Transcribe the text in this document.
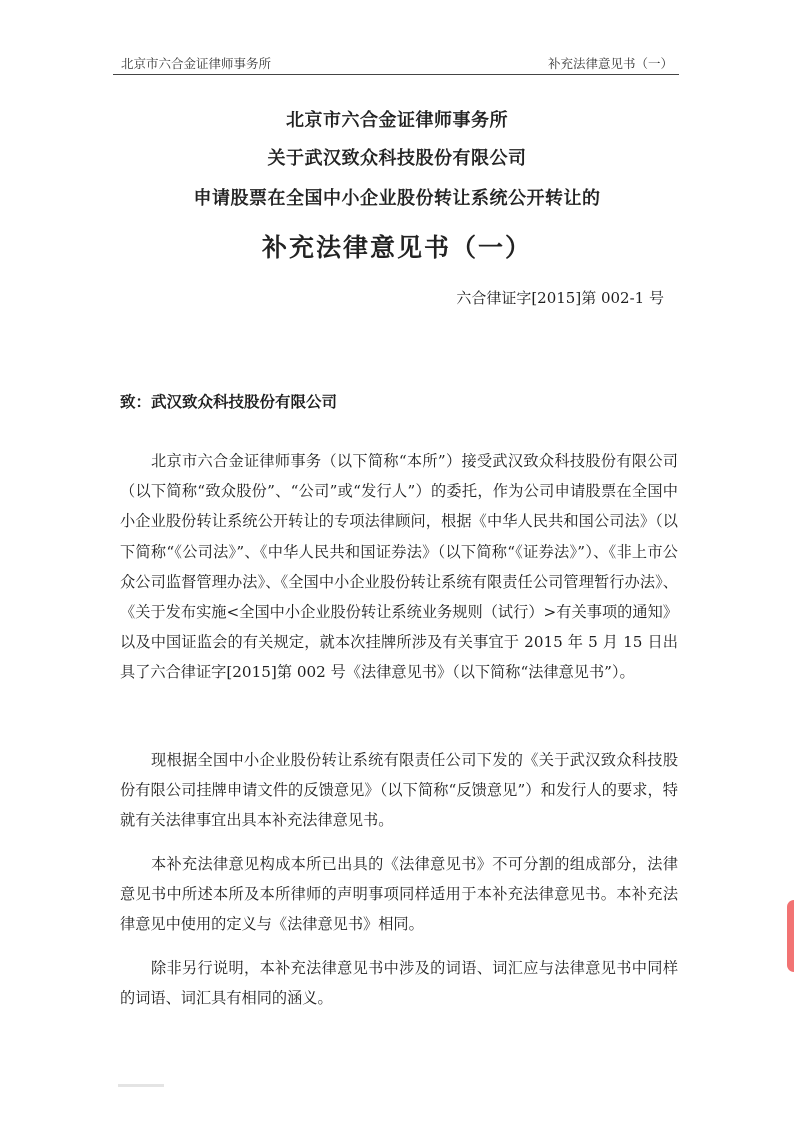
北京市六合金证律师事务所	补充法律意见书（一）
北京市六合金证律师事务所
关于武汉致众科技股份有限公司
申请股票在全国中小企业股份转让系统公开转让的
补充法律意见书（一）
六合律证字[2015]第 002-1 号
致：武汉致众科技股份有限公司

北京市六合金证律师事务（以下简称“本所”）接受武汉致众科技股份有限公司（以下简称“致众股份”、“公司”或“发行人”）的委托，作为公司申请股票在全国中小企业股份转让系统公开转让的专项法律顾问，根据《中华人民共和国公司法》（以下简称“《公司法》”、《中华人民共和国证券法》（以下简称“《证券法》”）、《非上市公众公司监督管理办法》、《全国中小企业股份转让系统有限责任公司管理暂行办法》、《关于发布实施<全国中小企业股份转让系统业务规则（试行）>有关事项的通知》以及中国证监会的有关规定，就本次挂牌所涉及有关事宜于 2015 年 5 月 15 日出具了六合律证字[2015]第 002 号《法律意见书》（以下简称“法律意见书”）。

现根据全国中小企业股份转让系统有限责任公司下发的《关于武汉致众科技股份有限公司挂牌申请文件的反馈意见》（以下简称“反馈意见”）和发行人的要求，特就有关法律事宜出具本补充法律意见书。

本补充法律意见构成本所已出具的《法律意见书》不可分割的组成部分，法律意见书中所述本所及本所律师的声明事项同样适用于本补充法律意见书。本补充法律意见中使用的定义与《法律意见书》相同。

除非另行说明，本补充法律意见书中涉及的词语、词汇应与法律意见书中同样的词语、词汇具有相同的涵义。
